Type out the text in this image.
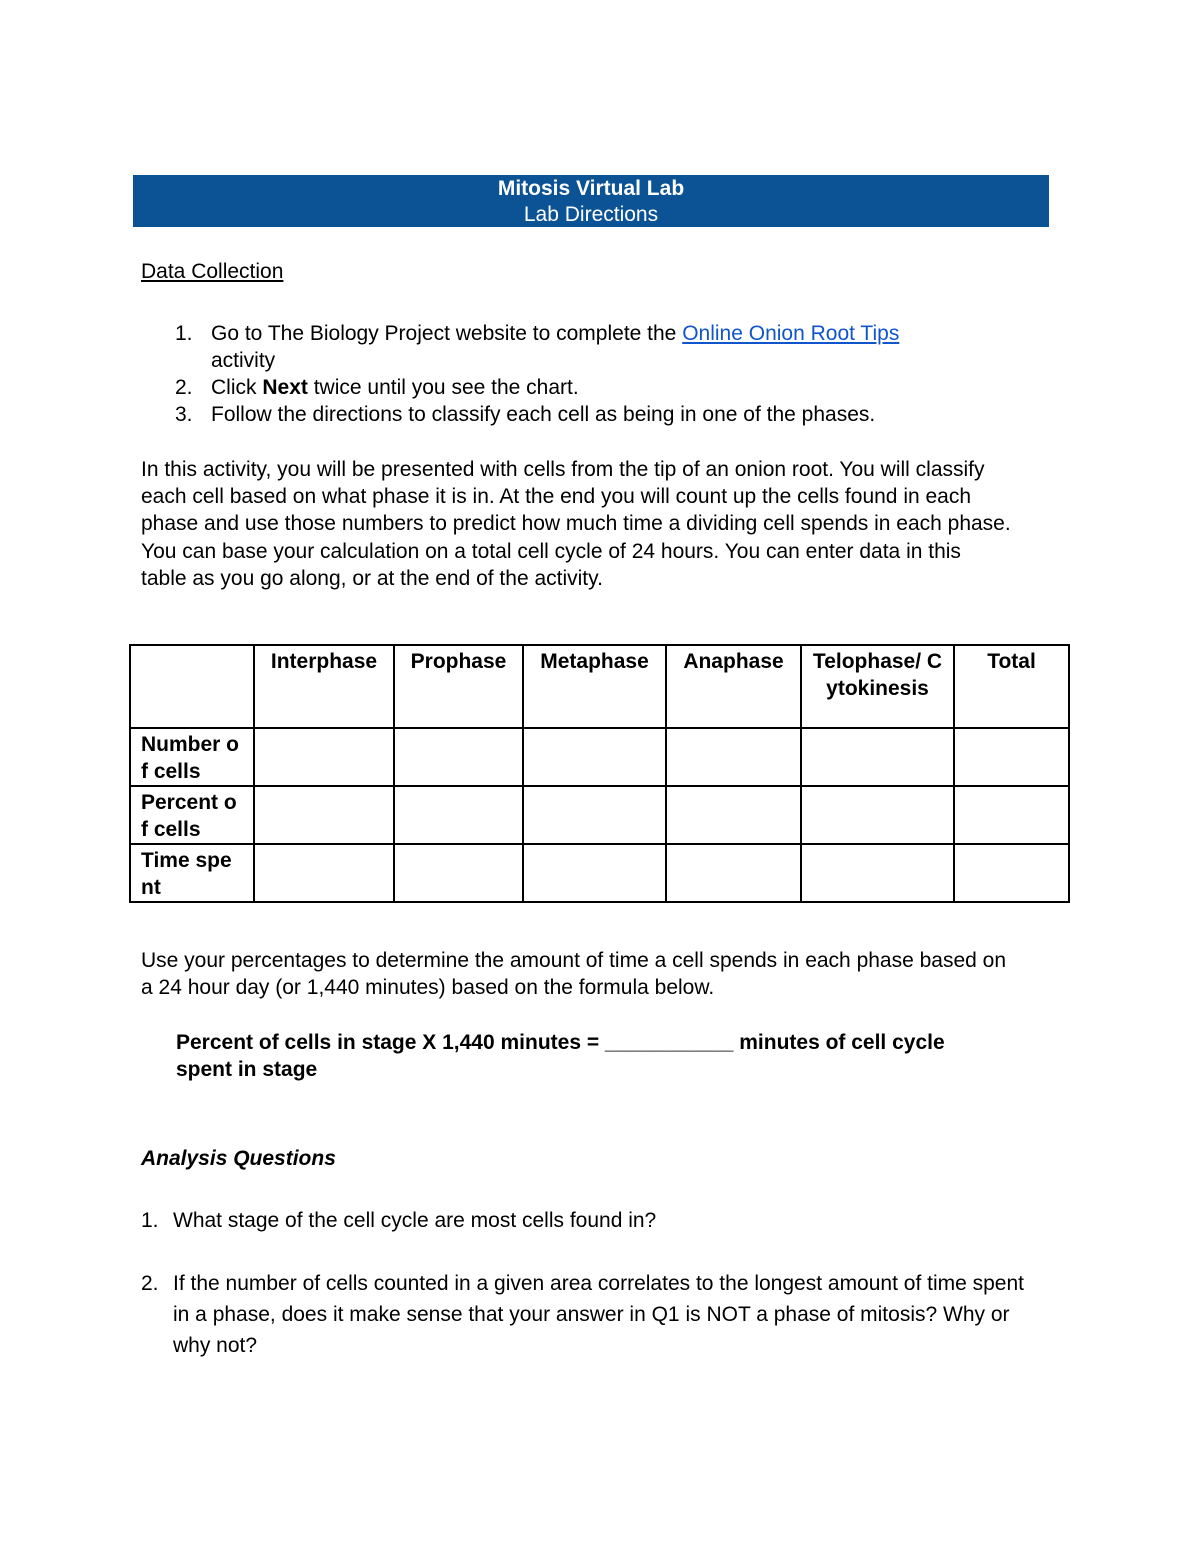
Mitosis Virtual Lab
Lab Directions
Data Collection
1. Go to The Biology Project website to complete the Online Onion Root Tips
activity
2. Click Next twice until you see the chart.
3. Follow the directions to classify each cell as being in one of the phases.
In this activity, you will be presented with cells from the tip of an onion root. You will classify each cell based on what phase it is in. At the end you will count up the cells found in each phase and use those numbers to predict how much time a dividing cell spends in each phase. You can base your calculation on a total cell cycle of 24 hours. You can enter data in this table as you go along, or at the end of the activity.
	Interphase	Prophase	Metaphase	Anaphase	Telophase/ Cytokinesis	Total
Number of cells						
Percent of cells						
Time spent						
Use your percentages to determine the amount of time a cell spends in each phase based on a 24 hour day (or 1,440 minutes) based on the formula below.
Percent of cells in stage X 1,440 minutes = ___________ minutes of cell cycle spent in stage
Analysis Questions
1. What stage of the cell cycle are most cells found in?
2. If the number of cells counted in a given area correlates to the longest amount of time spent in a phase, does it make sense that your answer in Q1 is NOT a phase of mitosis? Why or why not?
